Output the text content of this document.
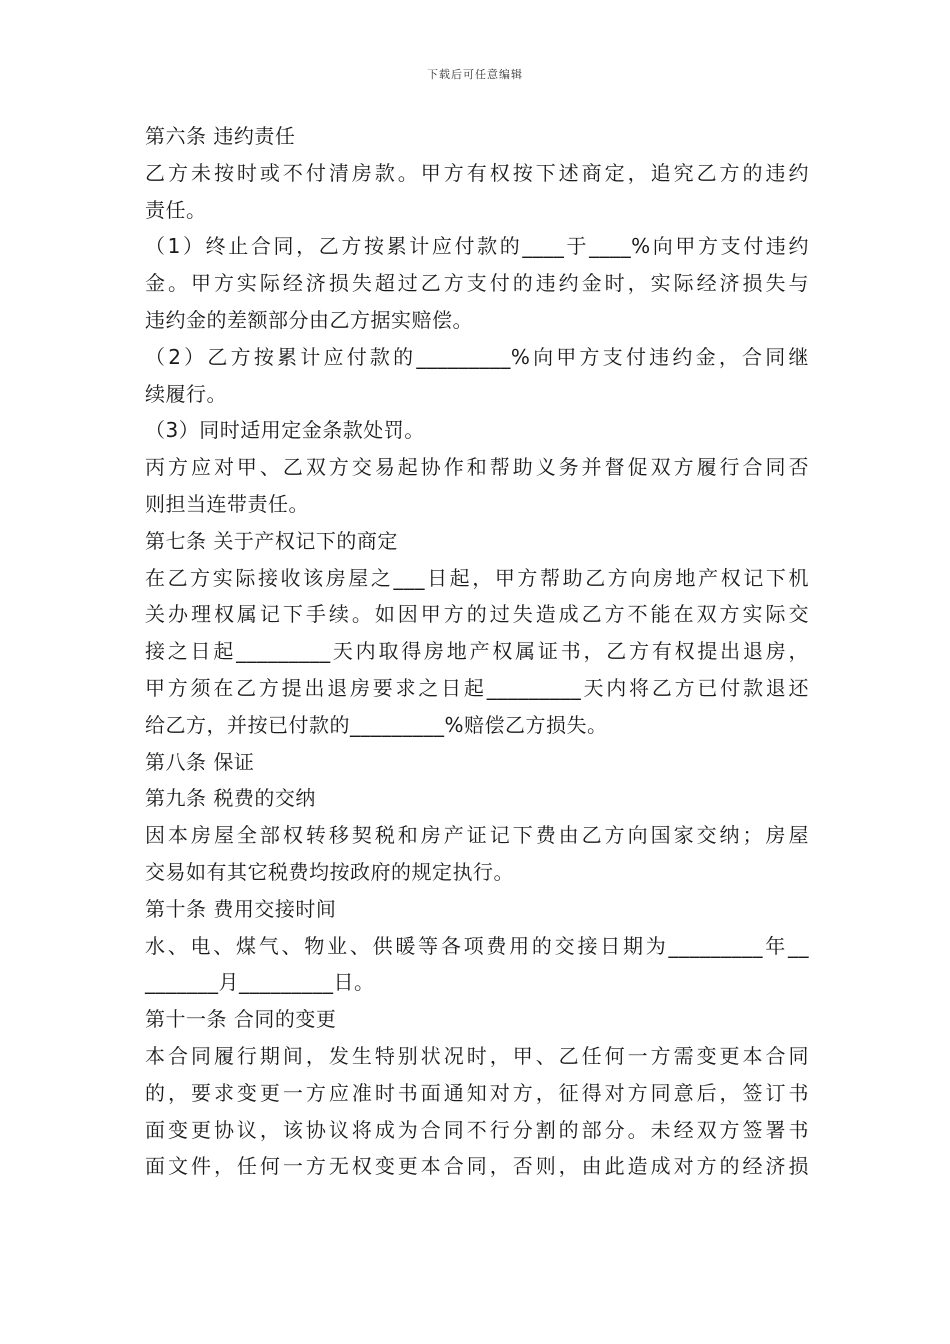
下载后可任意编辑
第六条 违约责任
乙方未按时或不付清房款。甲方有权按下述商定，追究乙方的违约
责任。
（1）终止合同，乙方按累计应付款的____于____%向甲方支付违约
金。甲方实际经济损失超过乙方支付的违约金时，实际经济损失与
违约金的差额部分由乙方据实赔偿。
（2）乙方按累计应付款的_________%向甲方支付违约金，合同继
续履行。
（3）同时适用定金条款处罚。
丙方应对甲、乙双方交易起协作和帮助义务并督促双方履行合同否
则担当连带责任。
第七条 关于产权记下的商定
在乙方实际接收该房屋之___日起，甲方帮助乙方向房地产权记下机
关办理权属记下手续。如因甲方的过失造成乙方不能在双方实际交
接之日起_________天内取得房地产权属证书，乙方有权提出退房，
甲方须在乙方提出退房要求之日起_________天内将乙方已付款退还
给乙方，并按已付款的_________%赔偿乙方损失。
第八条 保证
第九条 税费的交纳
因本房屋全部权转移契税和房产证记下费由乙方向国家交纳；房屋
交易如有其它税费均按政府的规定执行。
第十条 费用交接时间
水、电、煤气、物业、供暖等各项费用的交接日期为_________年__
_______月_________日。
第十一条 合同的变更
本合同履行期间，发生特别状况时，甲、乙任何一方需变更本合同
的，要求变更一方应准时书面通知对方，征得对方同意后，签订书
面变更协议，该协议将成为合同不行分割的部分。未经双方签署书
面文件，任何一方无权变更本合同，否则，由此造成对方的经济损
